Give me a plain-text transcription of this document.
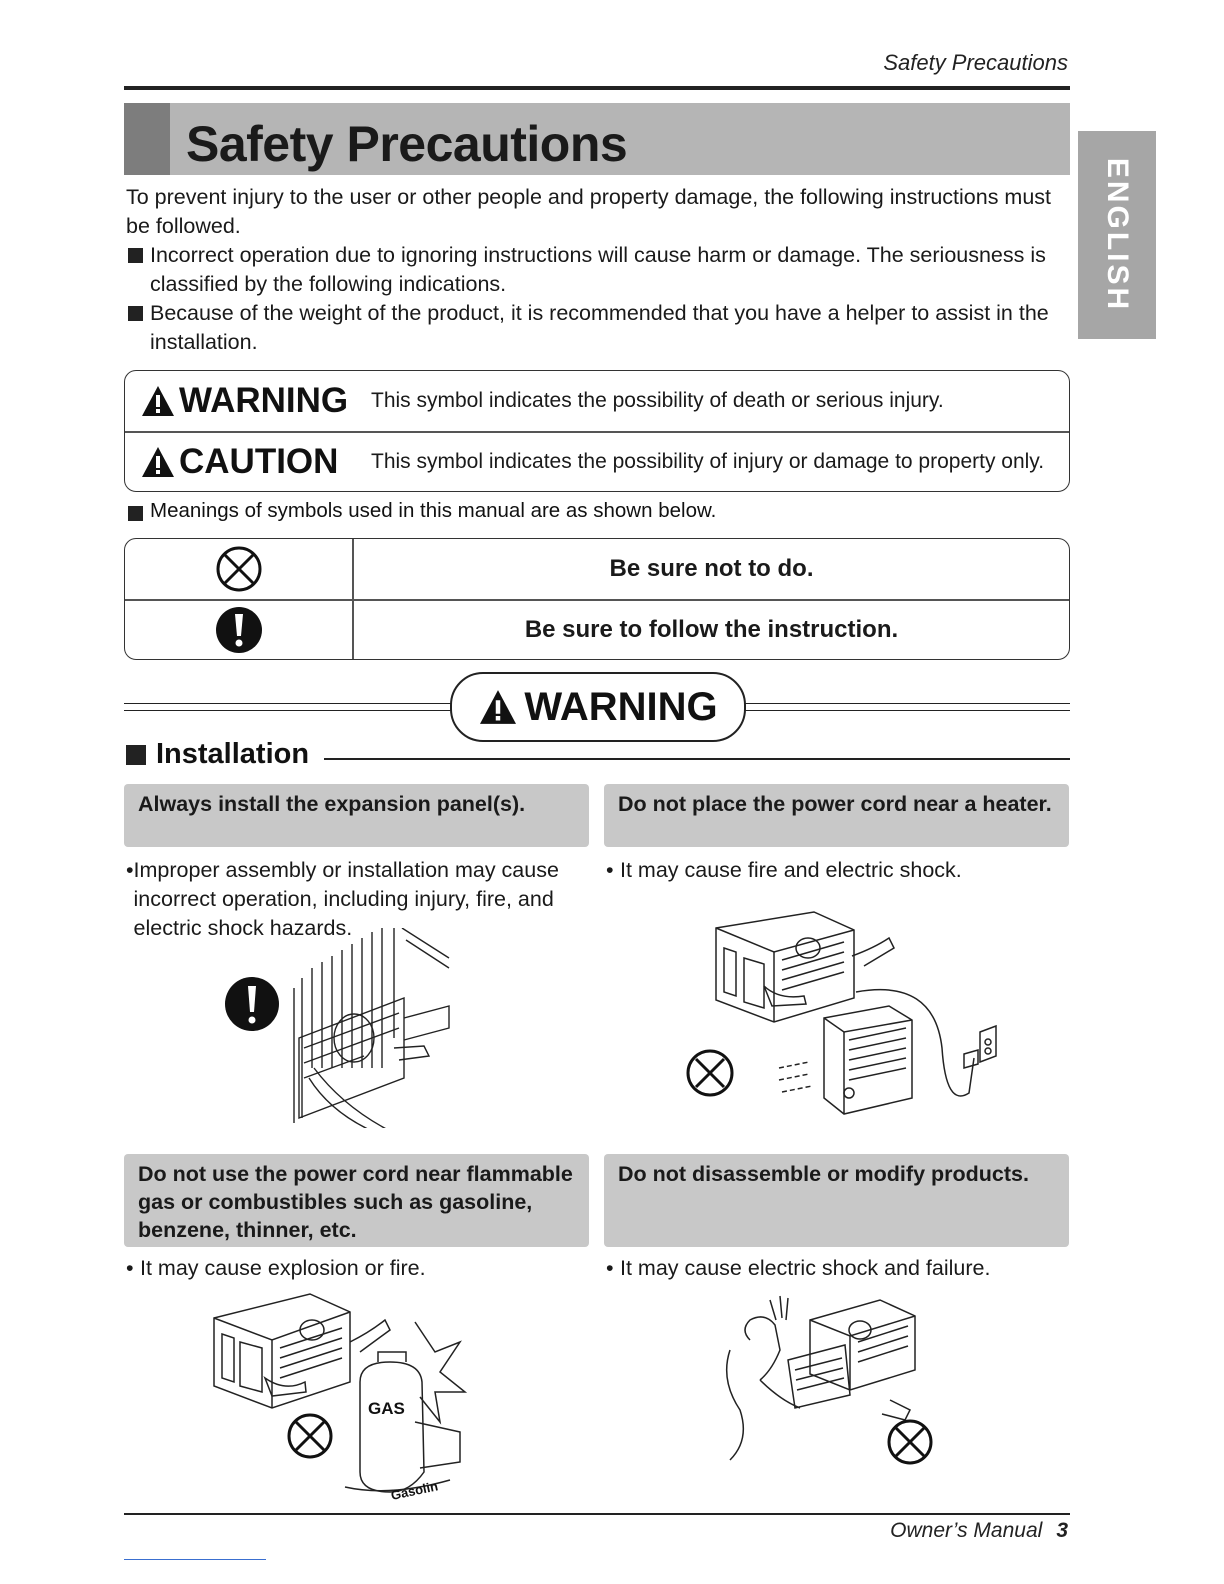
Safety Precautions
Safety Precautions
ENGLISH
To prevent injury to the user or other people and property damage, the following instructions must be followed.
Incorrect operation due to ignoring instructions will cause harm or damage. The seriousness is classified by the following indications.
Because of the weight of the product, it is recommended that you have a helper to assist in the installation.
WARNING This symbol indicates the possibility of death or serious injury.
CAUTION This symbol indicates the possibility of injury or damage to property only.
Meanings of symbols used in this manual are as shown below.
Be sure not to do.
Be sure to follow the instruction.
WARNING
Installation
Always install the expansion panel(s).
• Improper assembly or installation may cause incorrect operation, including injury, fire, and electric shock hazards.
Do not place the power cord near a heater.
• It may cause fire and electric shock.
Do not use the power cord near flammable gas or combustibles such as gasoline, benzene, thinner, etc.
• It may cause explosion or fire.
GAS
Gasolin
Do not disassemble or modify products.
• It may cause electric shock and failure.
Owner’s Manual 3
